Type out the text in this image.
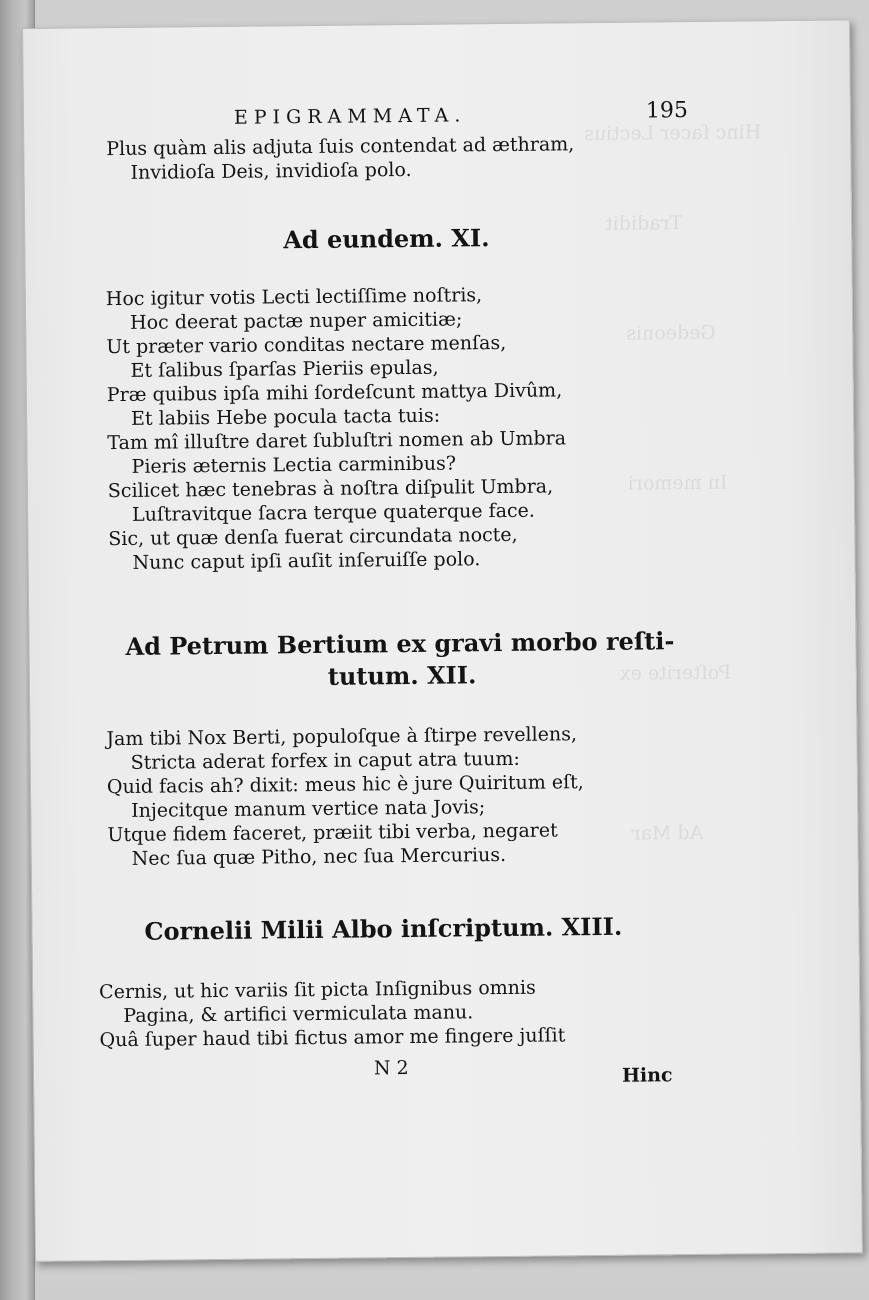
Hinc ſacer Lectius
Tradidit
Gedeonis
In memori
Poſterite ex
Ad Mar
EPIGRAMMATA.	195
Plus quàm alis adjuta ſuis contendat ad æthram,
Invidioſa Deis, invidioſa polo.
Ad eundem. XI.
Hoc igitur votis Lecti lectiſſime noſtris,
Hoc deerat pactæ nuper amicitiæ;
Ut præter vario conditas nectare menſas,
Et ſalibus ſparſas Pieriis epulas,
Præ quibus ipſa mihi ſordeſcunt mattya Divûm,
Et labiis Hebe pocula tacta tuis:
Tam mî illuſtre daret ſubluſtri nomen ab Umbra
Pieris æternis Lectia carminibus?
Scilicet hæc tenebras à noſtra diſpulit Umbra,
Luſtravitque ſacra terque quaterque face.
Sic, ut quæ denſa fuerat circundata nocte,
Nunc caput ipſi auſit inſeruiſſe polo.
Ad Petrum Bertium ex gravi morbo reſti-
tutum. XII.
Jam tibi Nox Berti, populoſque à ſtirpe revellens,
Stricta aderat forfex in caput atra tuum:
Quid facis ah? dixit: meus hic è jure Quiritum eſt,
Injecitque manum vertice nata Jovis;
Utque fidem faceret, præiit tibi verba, negaret
Nec ſua quæ Pitho, nec ſua Mercurius.
Cornelii Milii Albo inſcriptum. XIII.
Cernis, ut hic variis ſit picta Inſignibus omnis
Pagina, & artifici vermiculata manu.
Quâ ſuper haud tibi fictus amor me fingere juſſit
N 2	Hinc
